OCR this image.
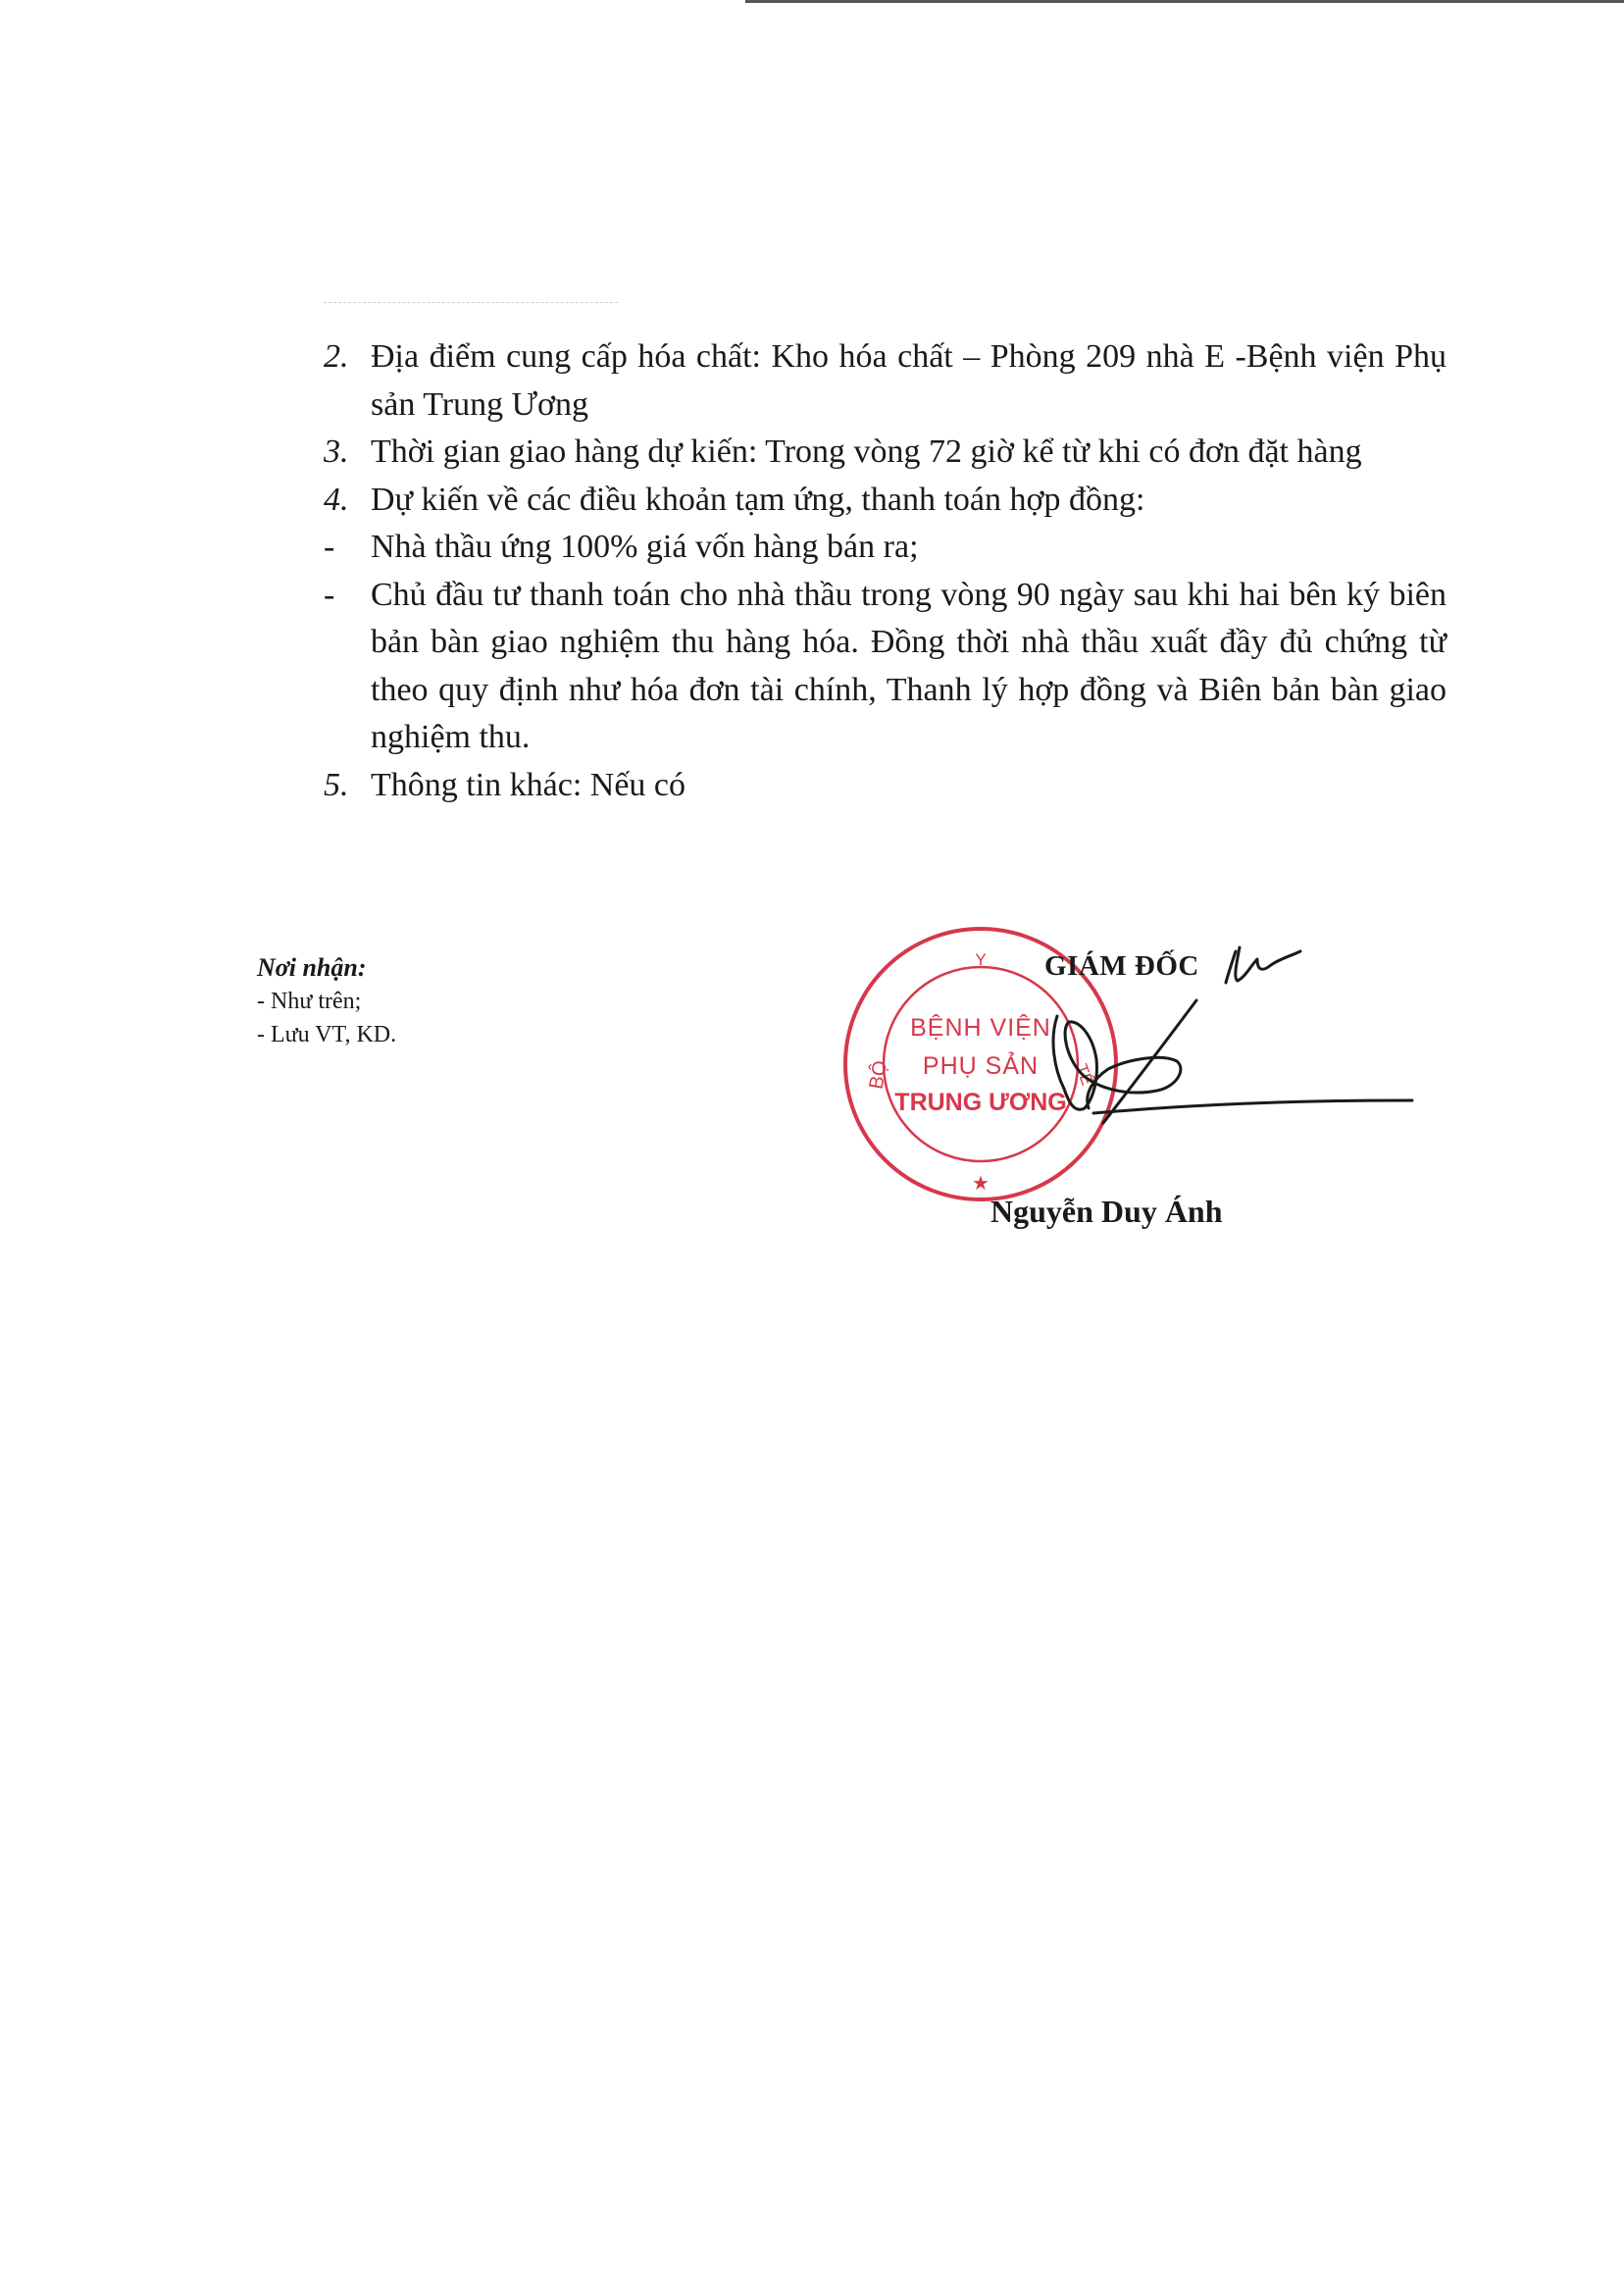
2. Địa điểm cung cấp hóa chất: Kho hóa chất – Phòng 209 nhà E -Bệnh viện Phụ sản Trung Ương
3. Thời gian giao hàng dự kiến: Trong vòng 72 giờ kể từ khi có đơn đặt hàng
4. Dự kiến về các điều khoản tạm ứng, thanh toán hợp đồng:
- Nhà thầu ứng 100% giá vốn hàng bán ra;
- Chủ đầu tư thanh toán cho nhà thầu trong vòng 90 ngày sau khi hai bên ký biên bản bàn giao nghiệm thu hàng hóa. Đồng thời nhà thầu xuất đầy đủ chứng từ theo quy định như hóa đơn tài chính, Thanh lý hợp đồng và Biên bản bàn giao nghiệm thu.
5. Thông tin khác: Nếu có
Nơi nhận:
- Như trên;
- Lưu VT, KD.
Y
BỘ	TẾ
BỆNH VIỆN
PHỤ SẢN
TRUNG ƯƠNG
★
GIÁM ĐỐC
Nguyễn Duy Ánh
